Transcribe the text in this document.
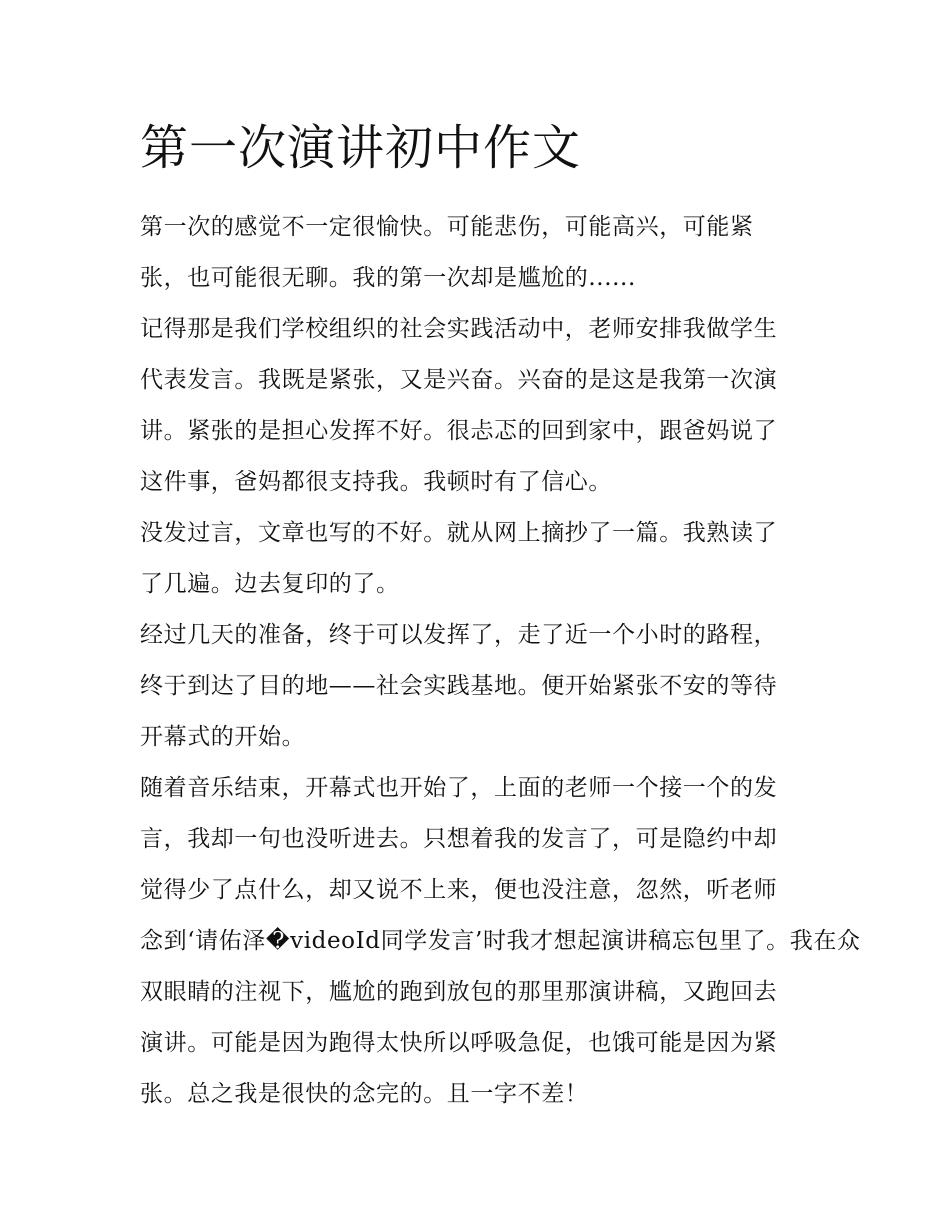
第一次演讲初中作文
第一次的感觉不一定很愉快。可能悲伤，可能高兴，可能紧
张，也可能很无聊。我的第一次却是尴尬的......
记得那是我们学校组织的社会实践活动中，老师安排我做学生
代表发言。我既是紧张，又是兴奋。兴奋的是这是我第一次演
讲。紧张的是担心发挥不好。很忐忑的回到家中，跟爸妈说了
这件事，爸妈都很支持我。我顿时有了信心。
没发过言，文章也写的不好。就从网上摘抄了一篇。我熟读了
了几遍。边去复印的了。
经过几天的准备，终于可以发挥了，走了近一个小时的路程，
终于到达了目的地——社会实践基地。便开始紧张不安的等待
开幕式的开始。
随着音乐结束，开幕式也开始了，上面的老师一个接一个的发
言，我却一句也没听进去。只想着我的发言了，可是隐约中却
觉得少了点什么，却又说不上来，便也没注意，忽然，听老师
念到‘请佑泽�videoId同学发言’时我才想起演讲稿忘包里了。我在众
双眼睛的注视下，尴尬的跑到放包的那里那演讲稿，又跑回去
演讲。可能是因为跑得太快所以呼吸急促，也饿可能是因为紧
张。总之我是很快的念完的。且一字不差！
